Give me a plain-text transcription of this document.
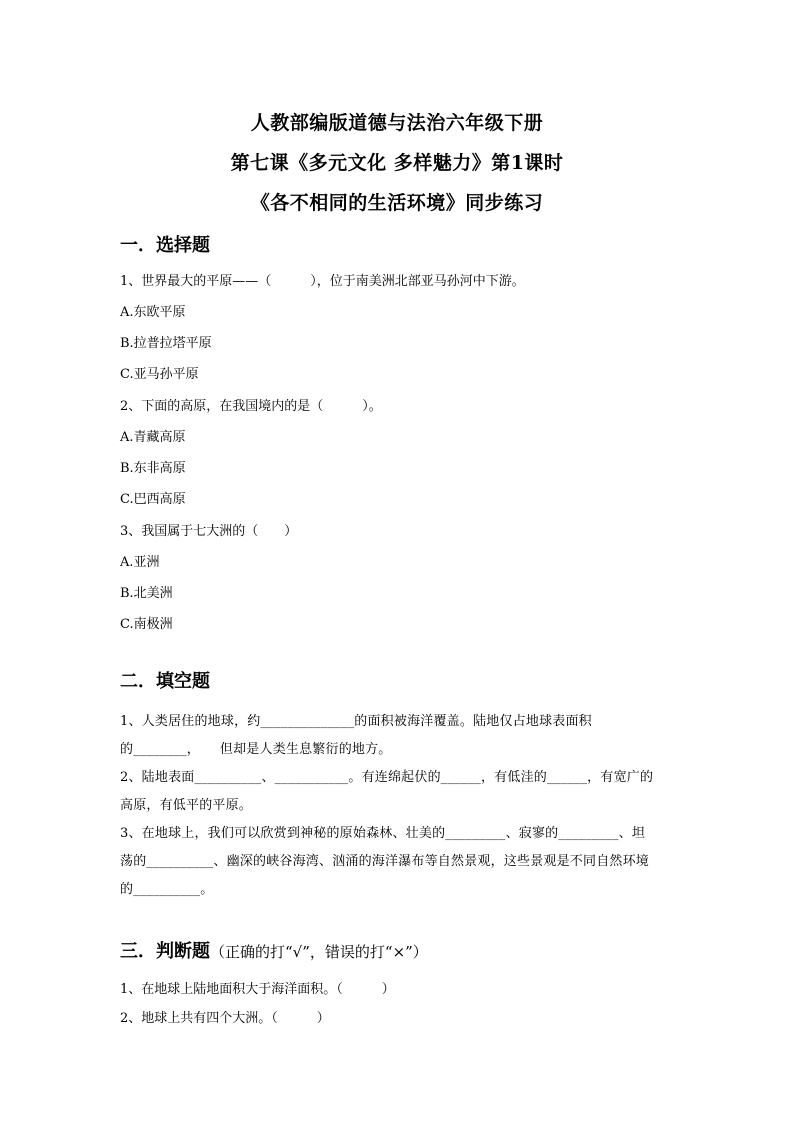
人教部编版道德与法治六年级下册
第七课《多元文化 多样魅力》第1课时
《各不相同的生活环境》同步练习
一．选择题
1、世界最大的平原——（　　　），位于南美洲北部亚马孙河中下游。
A.东欧平原
B.拉普拉塔平原
C.亚马孙平原
2、下面的高原，在我国境内的是（　　　）。
A.青藏高原
B.东非高原
C.巴西高原
3、我国属于七大洲的（　　）
A.亚洲
B.北美洲
C.南极洲
二．填空题
1、人类居住的地球，约______________的面积被海洋覆盖。陆地仅占地球表面积
的________，　　但却是人类生息繁衍的地方。
2、陆地表面__________、___________。有连绵起伏的______，有低洼的______，有宽广的
高原，有低平的平原。
3、在地球上，我们可以欣赏到神秘的原始森林、壮美的_________、寂寥的_________、坦
荡的__________、幽深的峡谷海湾、汹涌的海洋瀑布等自然景观，这些景观是不同自然环境
的__________。
三．判断题（正确的打“√”，错误的打“×”）
1、在地球上陆地面积大于海洋面积。（　　　）
2、地球上共有四个大洲。（　　　）
